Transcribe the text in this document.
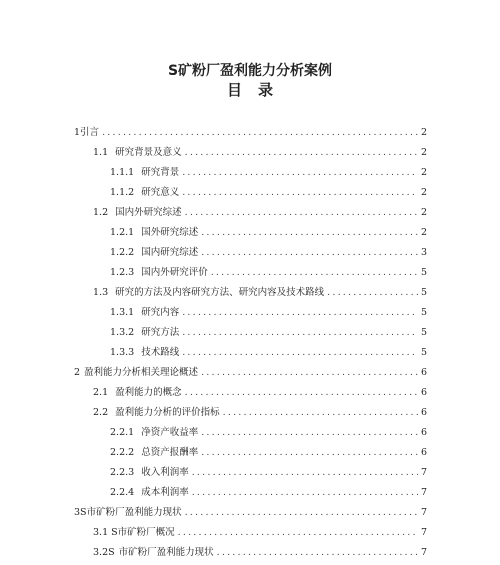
S矿粉厂盈利能力分析案例
目录
1 引言 .....	2
1.1 研究背景及意义 .....	2
1.1.1 研究背景 .....	2
1.1.2 研究意义 .....	2
1.2 国内外研究综述 .....	2
1.2.1 国外研究综述 .....	2
1.2.2 国内研究综述 .....	3
1.2.3 国内外研究评价 .....	5
1.3 研究的方法及内容研究方法、研究内容及技术路线 .....	5
1.3.1 研究内容 .....	5
1.3.2 研究方法 .....	5
1.3.3 技术路线 .....	5
2 盈利能力分析相关理论概述 .....	6
2.1 盈利能力的概念 .....	6
2.2 盈利能力分析的评价指标 .....	6
2.2.1 净资产收益率 .....	6
2.2.2 总资产报酬率 .....	6
2.2.3 收入利润率 .....	7
2.2.4 成本利润率 .....	7
3S 市矿粉厂盈利能力现状 .....	7
3.1 S市矿粉厂概况 .....	7
3.2S 市矿粉厂盈利能力现状 .....	7
